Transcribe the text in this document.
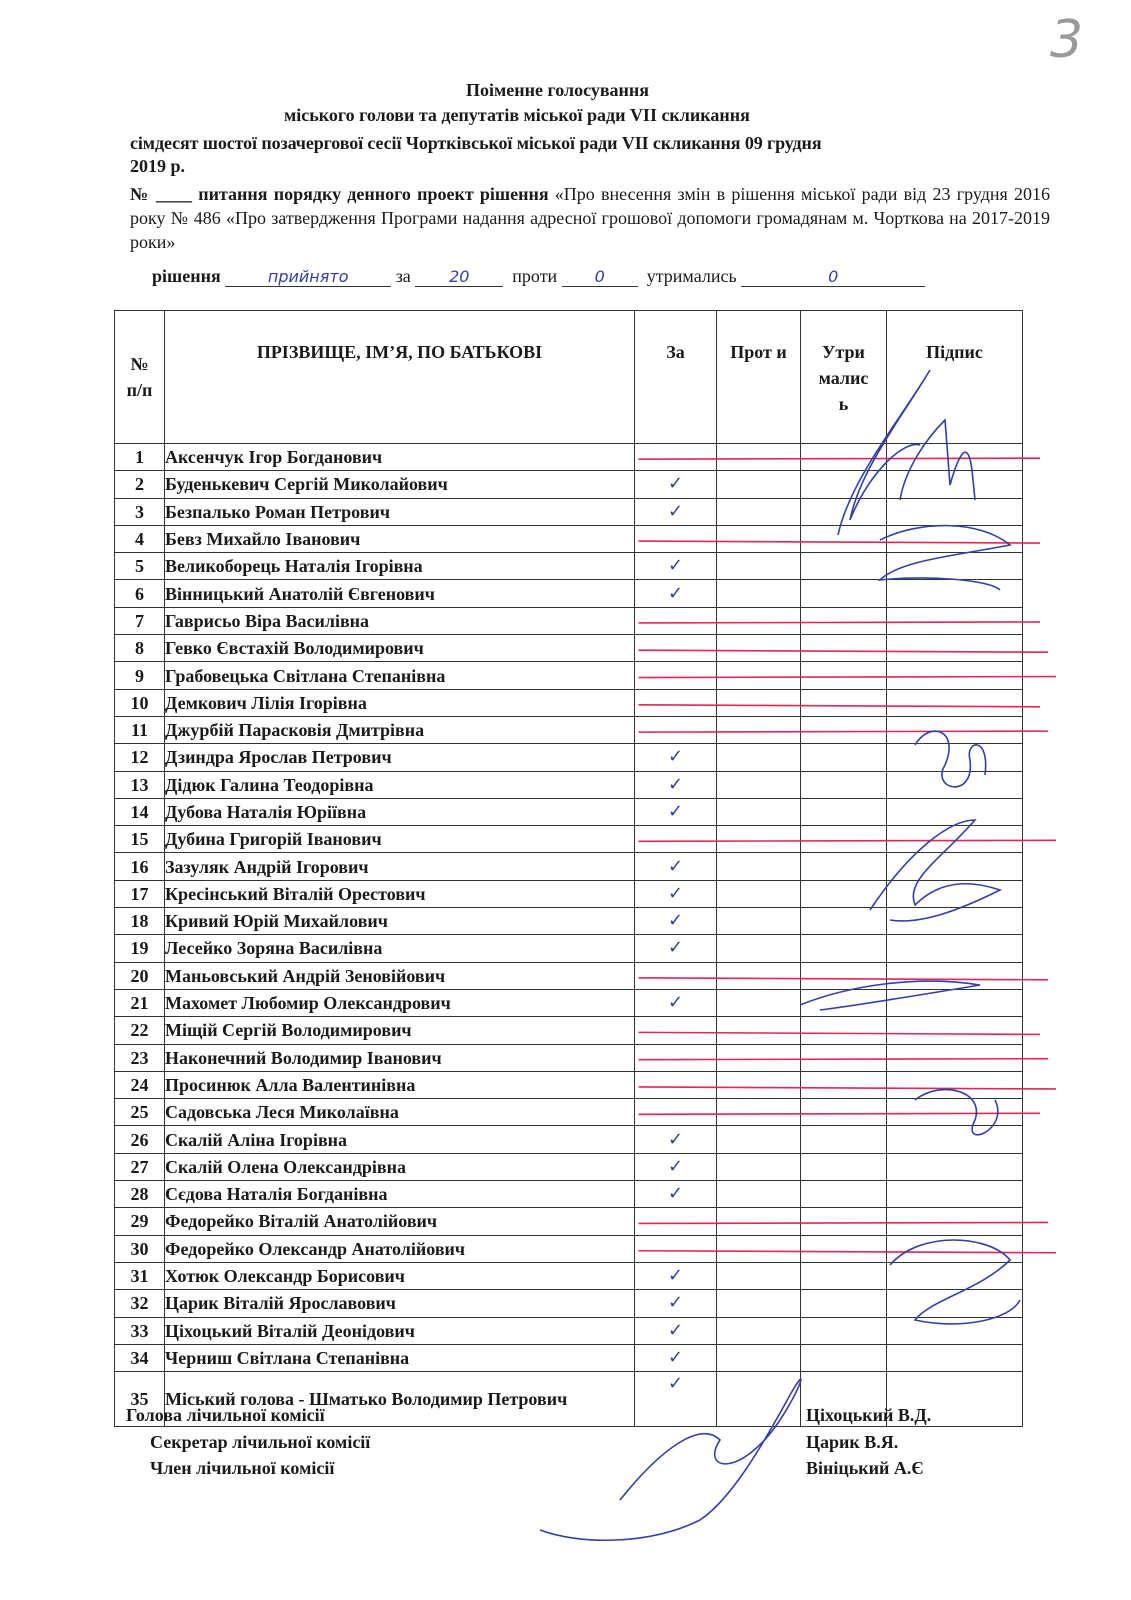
3
Поіменне голосування
міського голови та депутатів міської ради VІІ скликання
сімдесят шостої позачергової сесії Чортківської міської ради VІІ скликання 09 грудня
2019 р.
№ ____ питання порядку денного проект рішення «Про внесення змін в рішення міської ради від 23 грудня 2016 року № 486 «Про затвердження Програми надання адресної грошової допомоги громадянам м. Чорткова на 2017-2019 роки»
рішення	прийнято	за 20 проти 0 утримались	0
№ п/п	ПРІЗВИЩЕ, ІМ’Я, ПО БАТЬКОВІ	За	Прот и	Утри малис ь	Підпис
1	Аксенчук Ігор Богданович				
2	Буденькевич Сергій Миколайович	✓			
3	Безпалько Роман Петрович	✓			
4	Бевз Михайло Іванович				
5	Великоборець Наталія Ігорівна	✓			
6	Вінницький Анатолій Євгенович	✓			
7	Гаврисьо Віра Василівна				
8	Гевко Євстахій Володимирович				
9	Грабовецька Світлана Степанівна				
10	Демкович Лілія Ігорівна				
11	Джурбій Парасковія Дмитрівна				
12	Дзиндра Ярослав Петрович	✓			
13	Дідюк Галина Теодорівна	✓			
14	Дубова Наталія Юріївна	✓			
15	Дубина Григорій Іванович				
16	Зазуляк Андрій Ігорович	✓			
17	Кресінський Віталій Орестович	✓			
18	Кривий Юрій Михайлович	✓			
19	Лесейко Зоряна Василівна	✓			
20	Маньовський Андрій Зеновійович				
21	Махомет Любомир Олександрович	✓			
22	Міщій Сергій Володимирович				
23	Наконечний Володимир Іванович				
24	Просинюк Алла Валентинівна				
25	Садовська Леся Миколаївна				
26	Скалій Аліна Ігорівна	✓			
27	Скалій Олена Олександрівна	✓			
28	Сєдова Наталія Богданівна	✓			
29	Федорейко Віталій Анатолійович				
30	Федорейко Олександр Анатолійович				
31	Хотюк Олександр Борисович	✓			
32	Царик Віталій Ярославович	✓			
33	Ціхоцький Віталій Деонідович	✓			
34	Черниш Світлана Степанівна	✓			
35	Міський голова - Шматько Володимир Петрович	✓			
Голова лічильної комісії
Секретар лічильної комісії
Член лічильної комісії
Ціхоцький В.Д.
Царик В.Я.
Вініцький А.Є
